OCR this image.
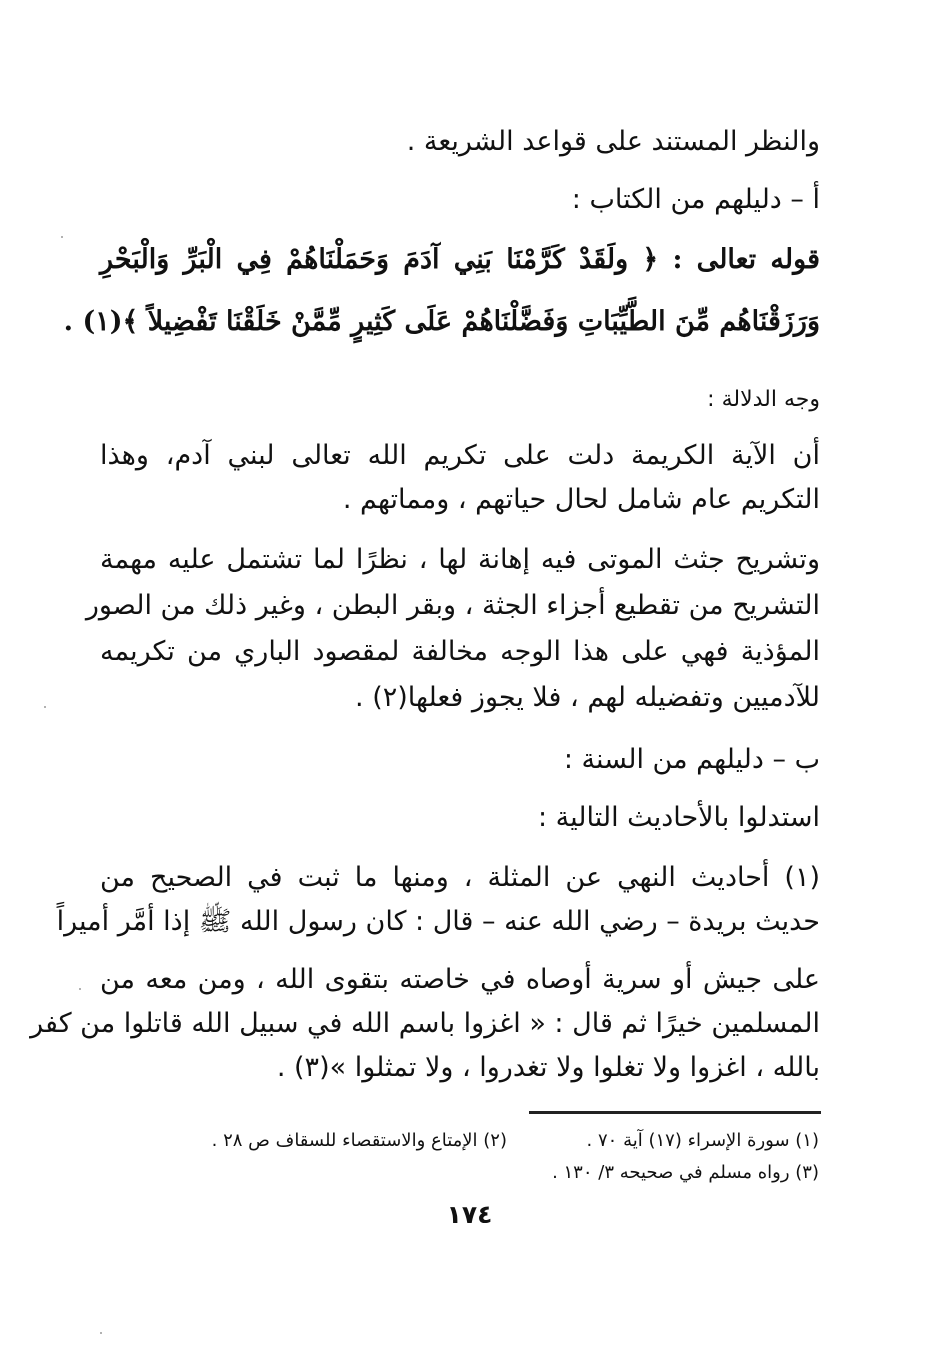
والنظر المستند على قواعد الشريعة .
أ – دليلهم من الكتاب :
قوله تعالى : ﴿ ولَقَدْ كَرَّمْنَا بَنِي آدَمَ وَحَمَلْنَاهُمْ فِي الْبَرِّ وَالْبَحْرِ
وَرَزَقْنَاهُم مِّنَ الطَّيِّبَاتِ وَفَضَّلْنَاهُمْ عَلَى كَثِيرٍ مِّمَّنْ خَلَقْنَا تَفْضِيلاً ﴾(١) .
وجه الدلالة :
أن الآية الكريمة دلت على تكريم الله تعالى لبني آدم، وهذا
التكريم عام شامل لحال حياتهم ، ومماتهم .
وتشريح جثث الموتى فيه إهانة لها ، نظرًا لما تشتمل عليه مهمة
التشريح من تقطيع أجزاء الجثة ، وبقر البطن ، وغير ذلك من الصور
المؤذية فهي على هذا الوجه مخالفة لمقصود الباري من تكريمه
للآدميين وتفضيله لهم ، فلا يجوز فعلها(٢) .
ب – دليلهم من السنة :
استدلوا بالأحاديث التالية :
(١) أحاديث النهي عن المثلة ، ومنها ما ثبت في الصحيح من
حديث بريدة – رضي الله عنه – قال : كان رسول الله ﷺ إذا أمَّر أميراً
على جيش أو سرية أوصاه في خاصته بتقوى الله ، ومن معه من
المسلمين خيرًا ثم قال : « اغزوا باسم الله في سبيل الله قاتلوا من كفر
بالله ، اغزوا ولا تغلوا ولا تغدروا ، ولا تمثلوا »(٣) .
(١) سورة الإسراء (١٧) آية ٧٠ .
(٢) الإمتاع والاستقصاء للسقاف ص ٢٨ .
(٣) رواه مسلم في صحيحه ٣/ ١٣٠ .
١٧٤
